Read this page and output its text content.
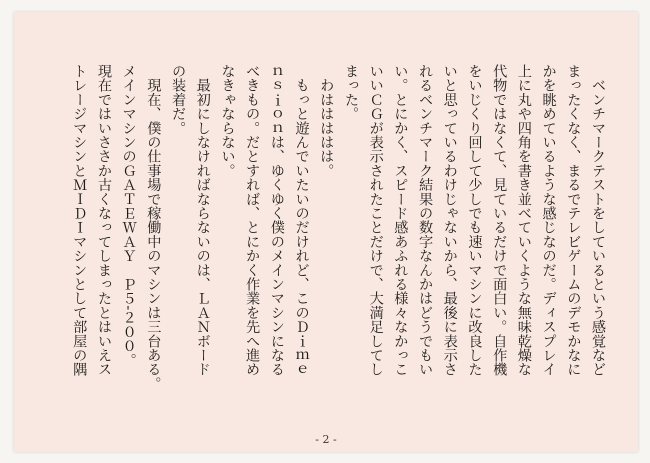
　ベンチマークテストをしているという感覚など
まったくなく、まるでテレビゲームのデモかなに
かを眺めているような感じなのだ。ディスプレイ
上に丸や四角を書き並べていくような無味乾燥な
代物ではなくて、見ているだけで面白い。自作機
をいじくり回して少しでも速いマシンに改良した
いと思っているわけじゃないから、最後に表示さ
れるベンチマーク結果の数字なんかはどうでもい
い。とにかく、スピード感あふれる様々なかっこ
いいＣＧが表示されたことだけで、大満足してし
まった。
　わははははは。
　もっと遊んでいたいのだけれど、このＤｉｍｅ
ｎｓｉｏｎは、ゆくゆく僕のメインマシンになる
べきもの。だとすれば、とにかく作業を先へ進め
なきゃならない。
　最初にしなければならないのは、ＬＡＮボード
の装着だ。
　現在、僕の仕事場で稼働中のマシンは三台ある。
メインマシンのＧＡＴＥＷＡＹ　Ｐ５-２００。
現在ではいささか古くなってしまったとはいえス
トレージマシンとＭＩＤＩマシンとして部屋の隅
- 2 -
